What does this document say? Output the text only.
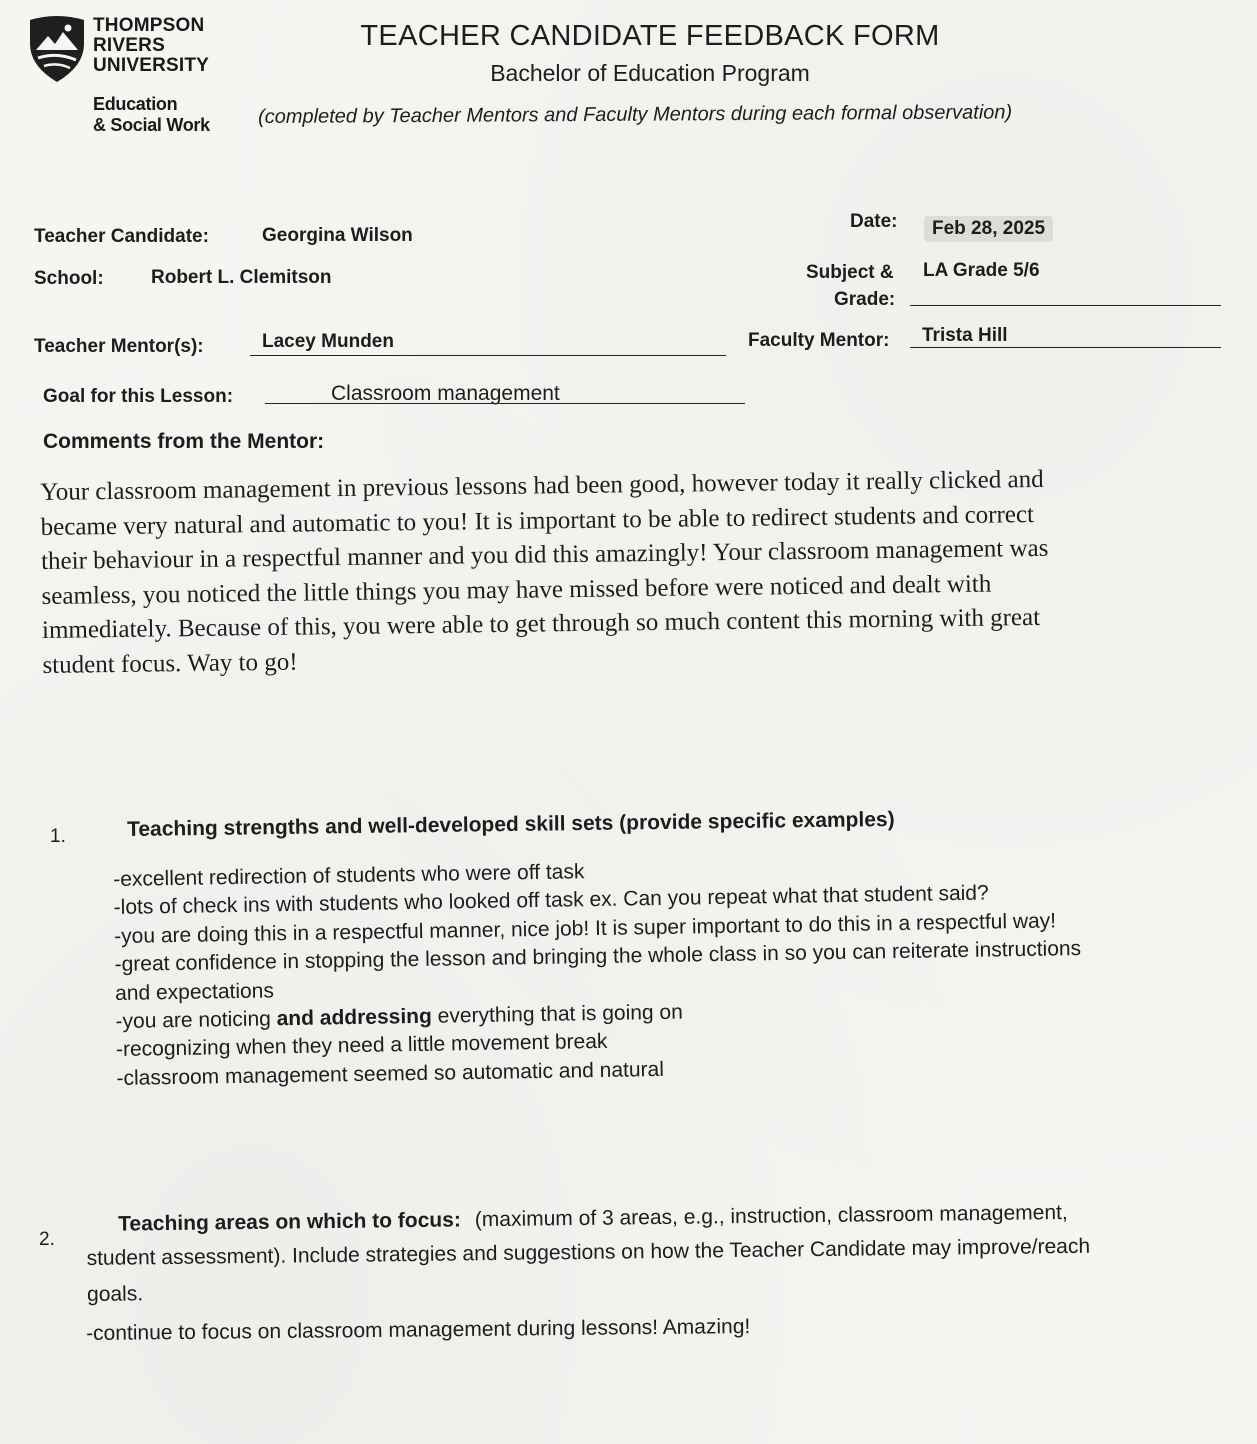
THOMPSON
RIVERS
UNIVERSITY
Education
& Social Work
TEACHER CANDIDATE FEEDBACK FORM
Bachelor of Education Program
(completed by Teacher Mentors and Faculty Mentors during each formal observation)
Teacher Candidate:	Georgina Wilson
School: Robert L. Clemitson
Date:	Feb 28, 2025
Subject &
Grade:
LA Grade 5/6
Teacher Mentor(s):	Lacey Munden	Faculty Mentor: Trista Hill
Goal for this Lesson:	Classroom management
Comments from the Mentor:

Your classroom management in previous lessons had been good, however today it really clicked and

became very natural and automatic to you! It is important to be able to redirect students and correct

their behaviour in a respectful manner and you did this amazingly! Your classroom management was

seamless, you noticed the little things you may have missed before were noticed and dealt with

immediately. Because of this, you were able to get through so much content this morning with great

student focus. Way to go!

1.	Teaching strengths and well-developed skill sets (provide specific examples)
-excellent redirection of students who were off task
-lots of check ins with students who looked off task ex. Can you repeat what that student said?
-you are doing this in a respectful manner, nice job! It is super important to do this in a respectful way!
-great confidence in stopping the lesson and bringing the whole class in so you can reiterate instructions
and expectations
-you are noticing and addressing everything that is going on
-recognizing when they need a little movement break
-classroom management seemed so automatic and natural
2.
Teaching areas on which to focus: (maximum of 3 areas, e.g., instruction, classroom management,
student assessment). Include strategies and suggestions on how the Teacher Candidate may improve/reach
goals.
-continue to focus on classroom management during lessons! Amazing!
